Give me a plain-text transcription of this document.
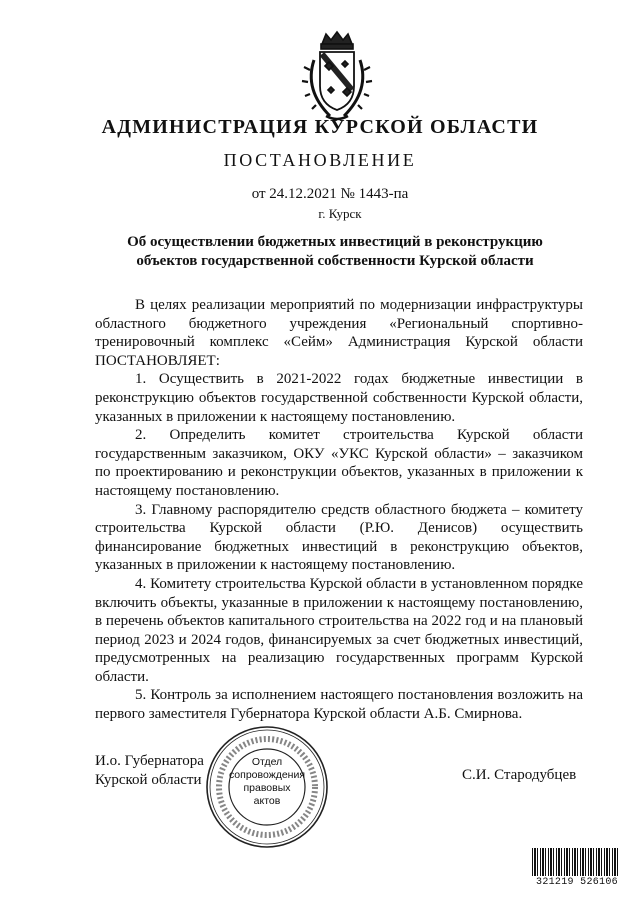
АДМИНИСТРАЦИЯ КУРСКОЙ ОБЛАСТИ
ПОСТАНОВЛЕНИЕ
от 24.12.2021 № 1443-па
г. Курск
Об осуществлении бюджетных инвестиций в реконструкцию объектов государственной собственности Курской области

В целях реализации мероприятий по модернизации инфраструктуры областного бюджетного учреждения «Региональный спортивно-тренировочный комплекс «Сейм» Администрация Курской области ПОСТАНОВЛЯЕТ:

1. Осуществить в 2021-2022 годах бюджетные инвестиции в реконструкцию объектов государственной собственности Курской области, указанных в приложении к настоящему постановлению.

2. Определить комитет строительства Курской области государственным заказчиком, ОКУ «УКС Курской области» – заказчиком по проектированию и реконструкции объектов, указанных в приложении к настоящему постановлению.

3. Главному распорядителю средств областного бюджета – комитету строительства Курской области (Р.Ю. Денисов) осуществить финансирование бюджетных инвестиций в реконструкцию объектов, указанных в приложении к настоящему постановлению.

4. Комитету строительства Курской области в установленном порядке включить объекты, указанные в приложении к настоящему постановлению, в перечень объектов капитального строительства на 2022 год и на плановый период 2023 и 2024 годов, финансируемых за счет бюджетных инвестиций, предусмотренных на реализацию государственных программ Курской области.

5. Контроль за исполнением настоящего постановления возложить на первого заместителя Губернатора Курской области А.Б. Смирнова.

И.о. Губернатора
Курской области
Отдел
сопровождения
правовых
актов
С.И. Стародубцев
321219 526106
